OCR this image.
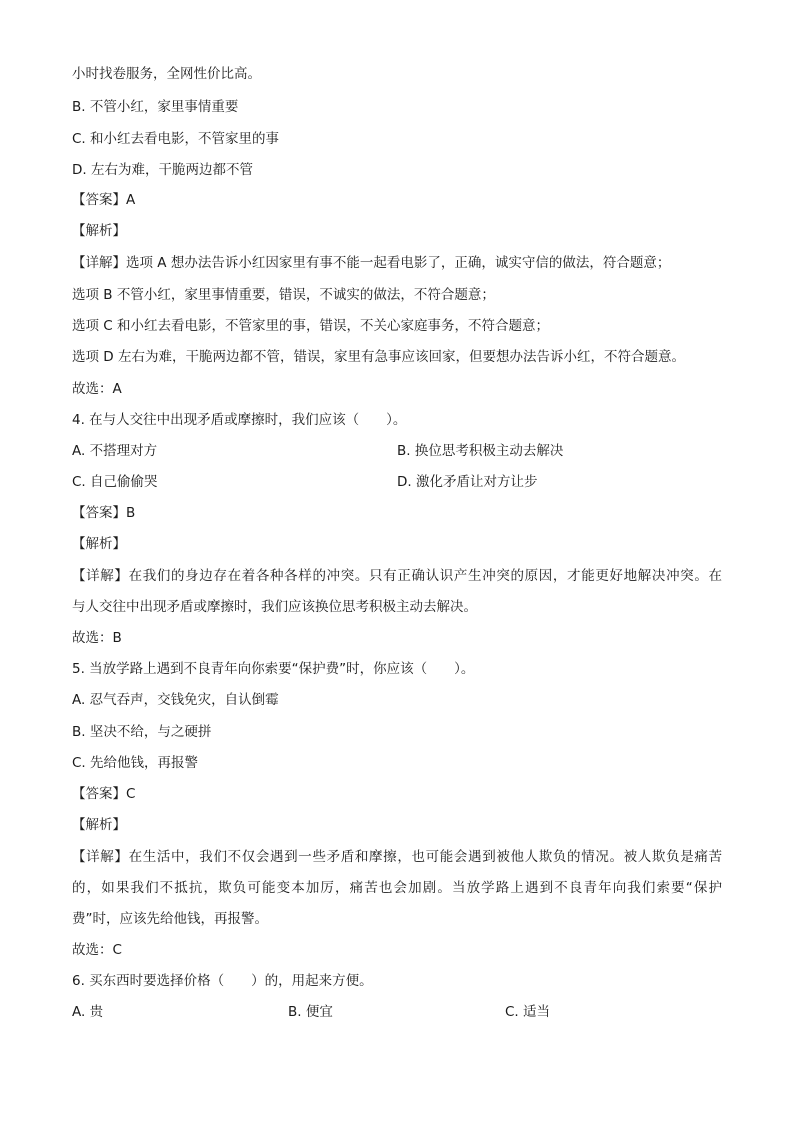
小时找卷服务，全网性价比高。
B. 不管小红，家里事情重要
C. 和小红去看电影，不管家里的事
D. 左右为难，干脆两边都不管
【答案】A
【解析】
【详解】选项 A 想办法告诉小红因家里有事不能一起看电影了，正确，诚实守信的做法，符合题意；
选项 B 不管小红，家里事情重要，错误，不诚实的做法，不符合题意；
选项 C 和小红去看电影，不管家里的事，错误，不关心家庭事务，不符合题意；
选项 D 左右为难，干脆两边都不管，错误，家里有急事应该回家，但要想办法告诉小红，不符合题意。
故选：A
4. 在与人交往中出现矛盾或摩擦时，我们应该（　　）。
A. 不搭理对方	B. 换位思考积极主动去解决
C. 自己偷偷哭	D. 激化矛盾让对方让步
【答案】B
【解析】
【详解】在我们的身边存在着各种各样的冲突。只有正确认识产生冲突的原因，才能更好地解决冲突。在
与人交往中出现矛盾或摩擦时，我们应该换位思考积极主动去解决。
故选：B
5. 当放学路上遇到不良青年向你索要“保护费”时，你应该（　　）。
A. 忍气吞声，交钱免灾，自认倒霉
B. 坚决不给，与之硬拼
C. 先给他钱，再报警
【答案】C
【解析】
【详解】在生活中，我们不仅会遇到一些矛盾和摩擦，也可能会遇到被他人欺负的情况。被人欺负是痛苦
的，如果我们不抵抗，欺负可能变本加厉，痛苦也会加剧。当放学路上遇到不良青年向我们索要“保护
费”时，应该先给他钱，再报警。
故选：C
6. 买东西时要选择价格（　　）的，用起来方便。
A. 贵	B. 便宜	C. 适当
